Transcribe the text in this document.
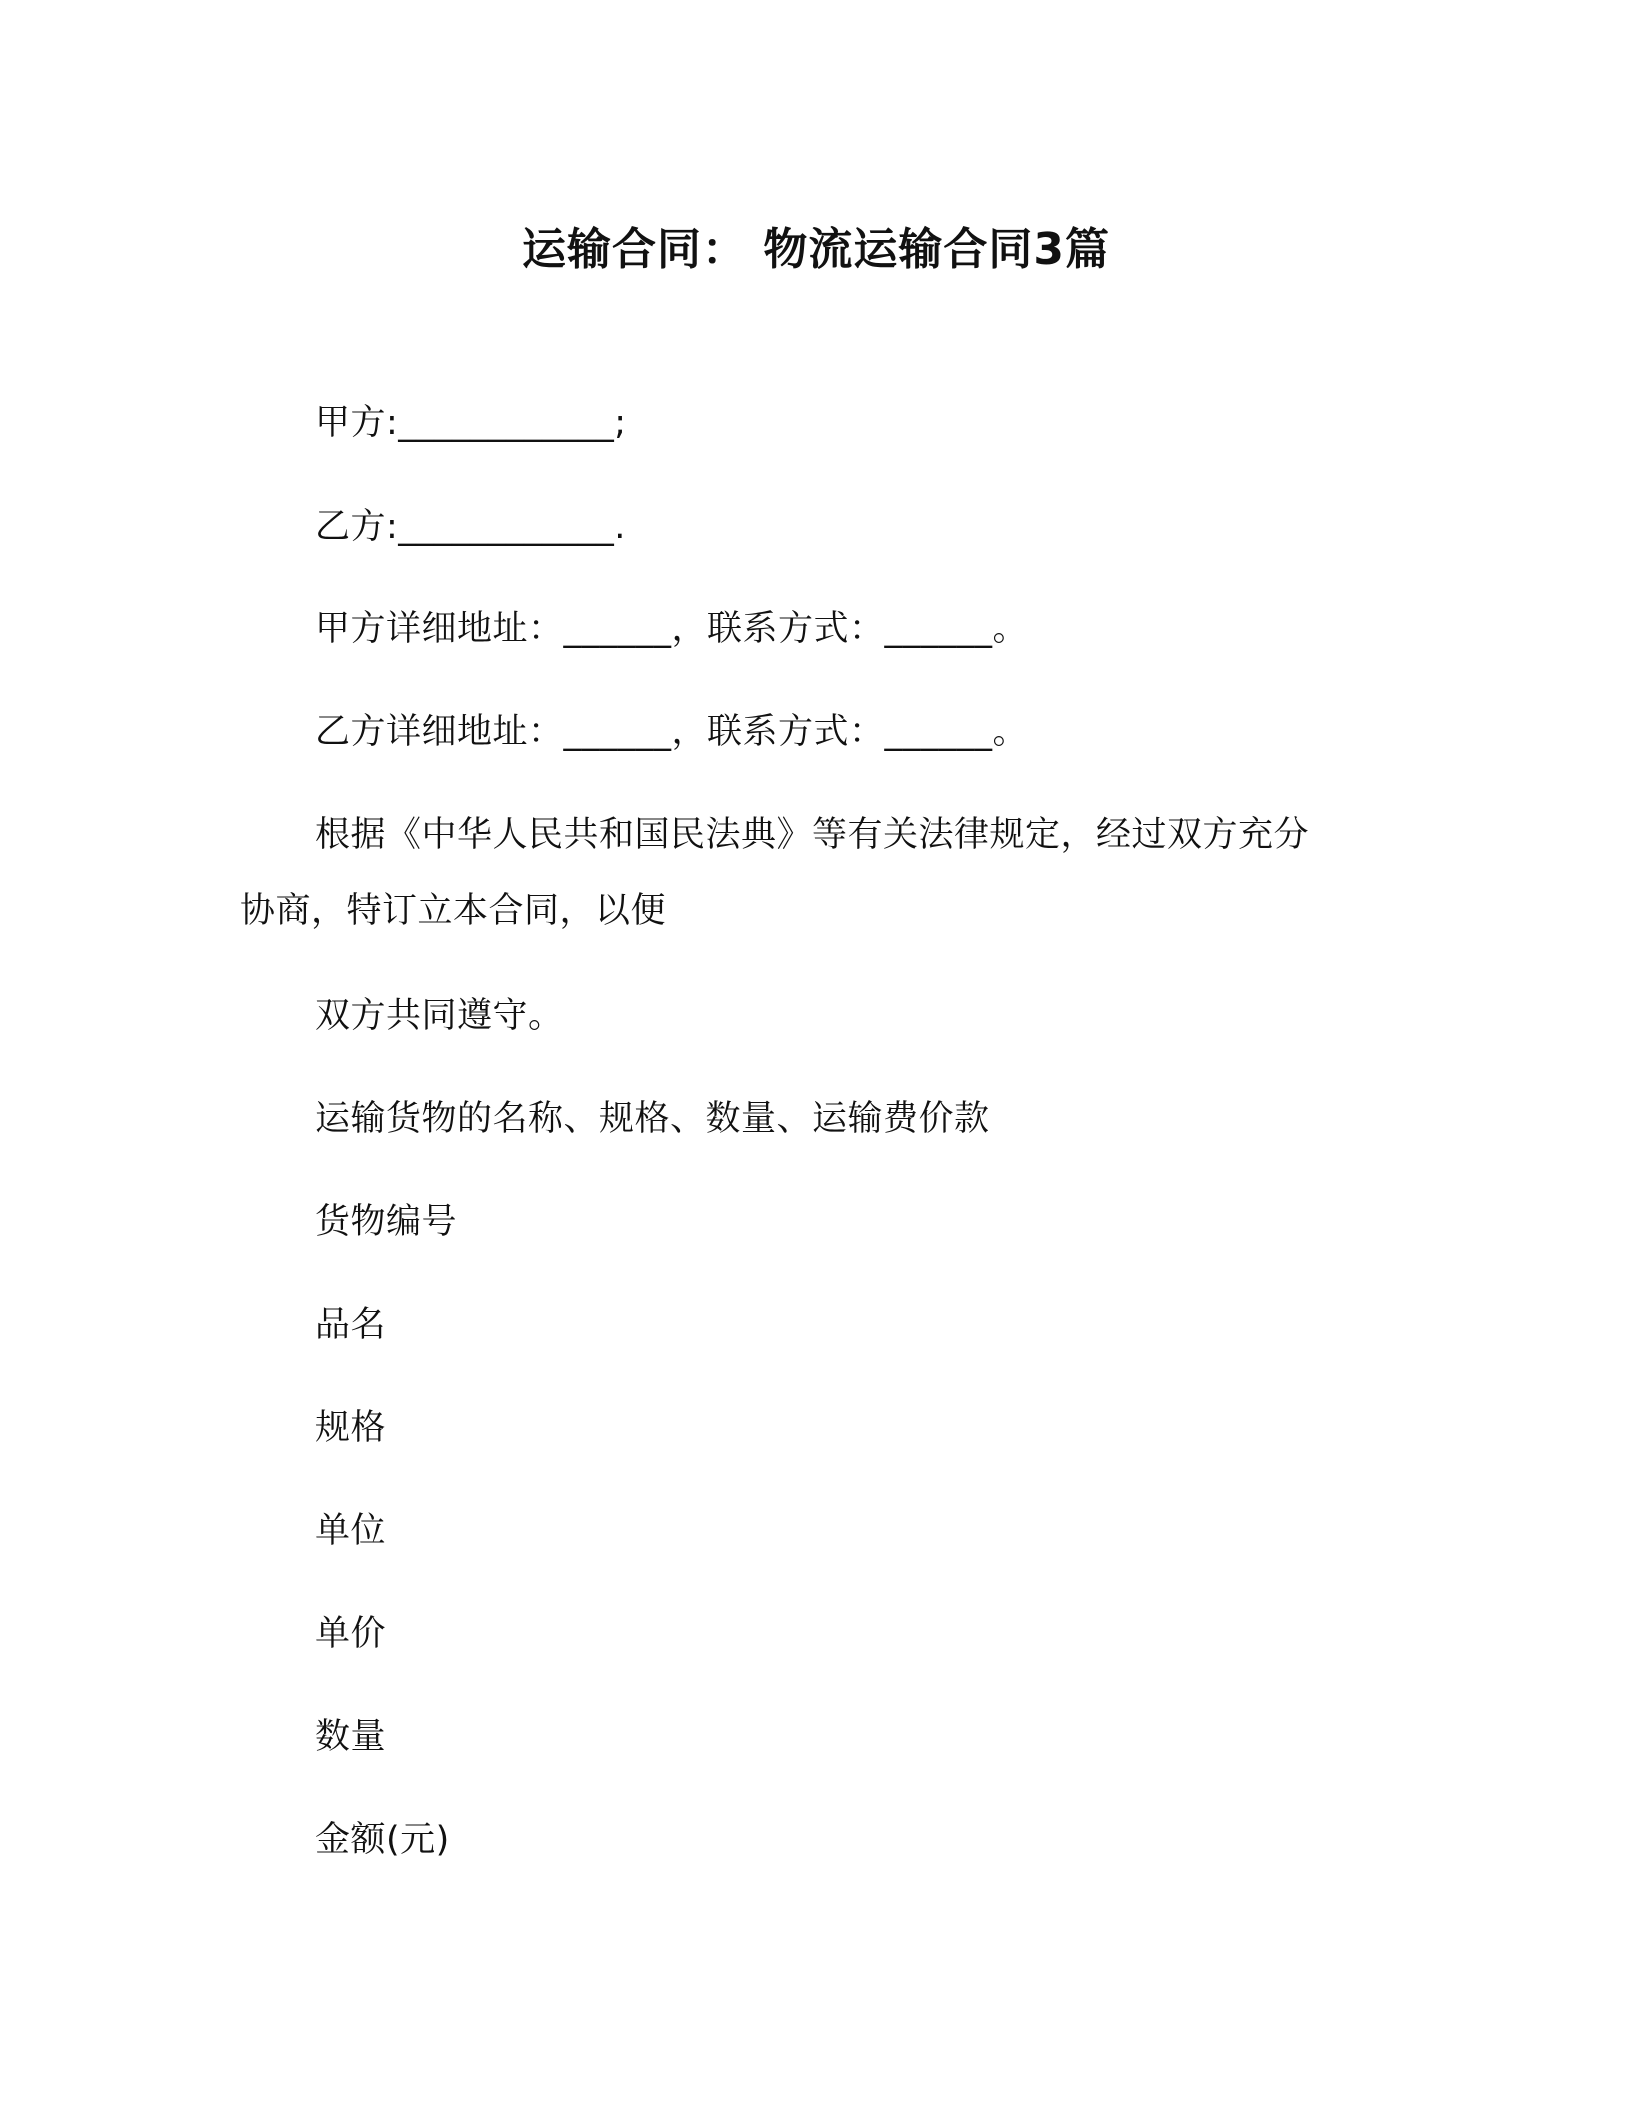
运输合同： 物流运输合同3篇
甲方:____________;
乙方:____________.
甲方详细地址：______，联系方式：______。
乙方详细地址：______，联系方式：______。
根据《中华人民共和国民法典》等有关法律规定，经过双方充分
协商，特订立本合同，以便
双方共同遵守。
运输货物的名称、规格、数量、运输费价款
货物编号
品名
规格
单位
单价
数量
金额(元)
